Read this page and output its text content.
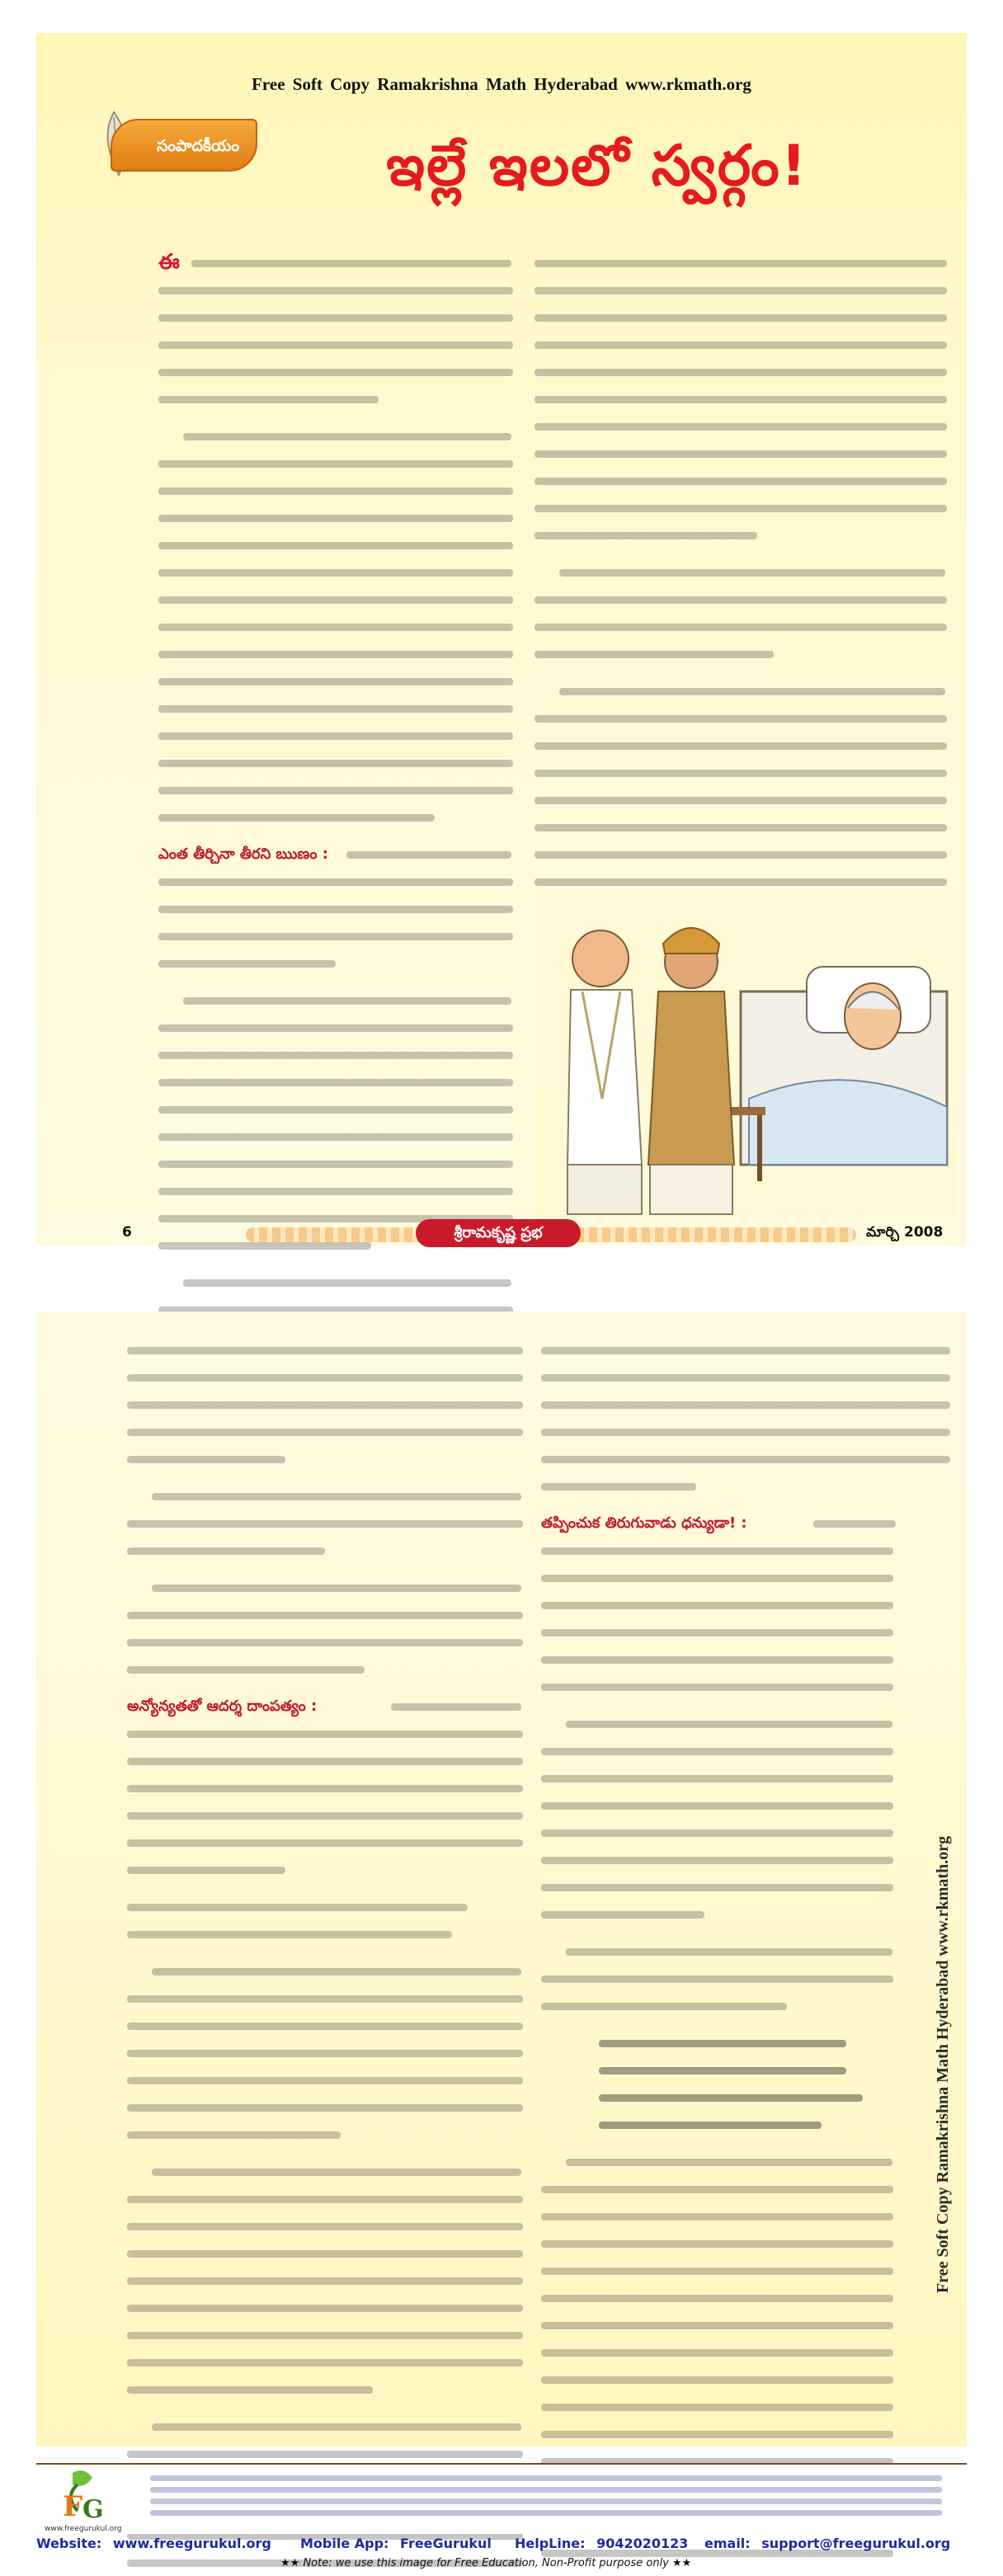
Free Soft Copy Ramakrishna Math Hyderabad www.rkmath.org
సంపాదకీయం	ఇల్లే ఇలలో స్వర్గం!
ఈ
ఎంత తీర్చినా తీరని ఋణం :
6	శ్రీరామకృష్ణ ప్రభ	మార్చి 2008
అన్యోన్యతతో ఆదర్శ దాంపత్యం :
తప్పించుక తిరుగువాడు ధన్యుడా! :
Free Soft Copy Ramakrishna Math Hyderabad www.rkmath.org
F G
www.freegurukul.org
Website: www.freegurukul.org Mobile App: FreeGurukul HelpLine: 9042020123 email: support@freegurukul.org
★★ Note: we use this image for Free Education, Non-Profit purpose only ★★
